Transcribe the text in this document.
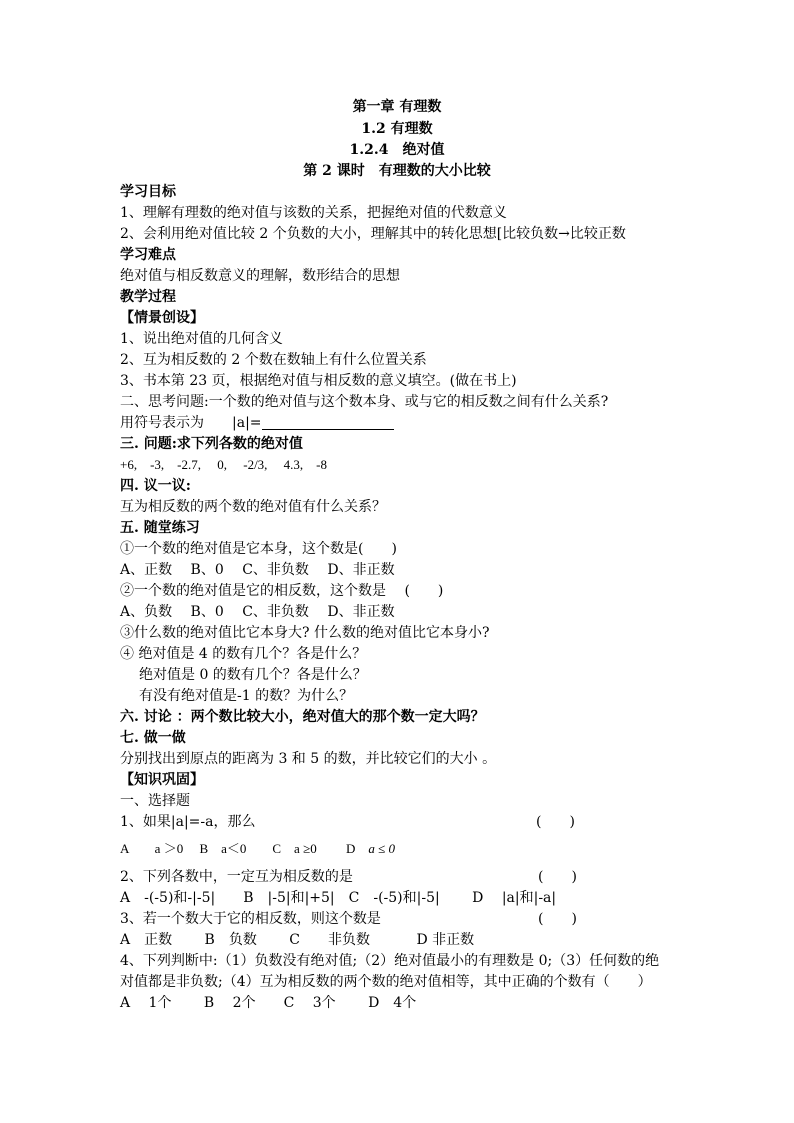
第一章 有理数
1.2 有理数
1.2.4　绝对值
第 2 课时　有理数的大小比较
学习目标
1、理解有理数的绝对值与该数的关系，把握绝对值的代数意义
2、会利用绝对值比较 2 个负数的大小，理解其中的转化思想[比较负数→比较正数
学习难点
绝对值与相反数意义的理解，数形结合的思想
教学过程
【情景创设】
1、说出绝对值的几何含义
2、互为相反数的 2 个数在数轴上有什么位置关系
3、书本第 23 页，根据绝对值与相反数的意义填空。(做在书上)
二、思考问题:一个数的绝对值与这个数本身、或与它的相反数之间有什么关系?
用符号表示为　　|a|=
三. 问题:求下列各数的绝对值
+6,    -3,    -2.7,     0,     -2/3,     4.3,    -8
四. 议一议:
互为相反数的两个数的绝对值有什么关系？
五. 随堂练习
①一个数的绝对值是它本身，这个数是(　　)
A、正数　 B、0　 C、非负数　 D、非正数
②一个数的绝对值是它的相反数，这个数是　 (　　)
A、负数　 B、0　 C、非负数　 D、非正数
③什么数的绝对值比它本身大? 什么数的绝对值比它本身小?
④ 绝对值是 4 的数有几个？各是什么？
绝对值是 0 的数有几个？各是什么？
有没有绝对值是-1 的数？为什么？
六. 讨论 ：两个数比较大小，绝对值大的那个数一定大吗？
七. 做一做
分别找出到原点的距离为 3 和 5 的数，并比较它们的大小 。
【知识巩固】
一、选择题
1、如果|a|=-a，那么	(　　)
A　　a ＞0　 B　a＜0　　C　a ≥0　　 D　 a ≤ 0
2、下列各数中，一定互为相反数的是	(　　)
A　-(-5)和-|-5|　　B　|-5|和|+5|　C　-(-5)和|-5|　　 D　 |a|和|-a|
3、若一个数大于它的相反数，则这个数是	(　　)
A　正数　　 B　负数　　 C　　非负数　　　 D 非正数
4、下列判断中:（1）负数没有绝对值;（2）绝对值最小的有理数是 0;（3）任何数的绝
对值都是非负数;（4）互为相反数的两个数的绝对值相等，其中正确的个数有（　　）
A　 1个　　 B　 2个　　C　 3个　　 D　4个
